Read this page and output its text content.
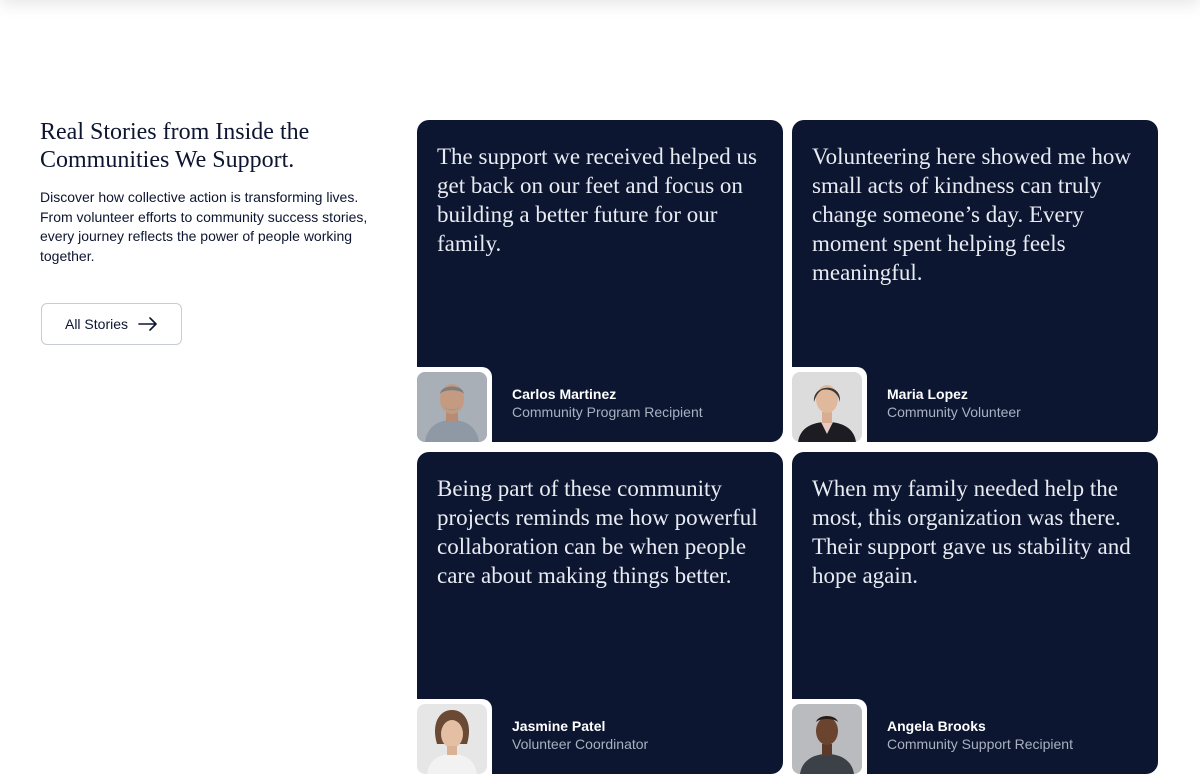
Real Stories from Inside the Communities We Support.

Discover how collective action is transforming lives. From volunteer efforts to community success stories, every journey reflects the power of people working together.

All Stories
The support we received helped us get back on our feet and focus on building a better future for our family.
Carlos Martinez
Community Program Recipient
Volunteering here showed me how small acts of kindness can truly change someone’s day. Every moment spent helping feels meaningful.
Maria Lopez
Community Volunteer
Being part of these community projects reminds me how powerful collaboration can be when people care about making things better.
Jasmine Patel
Volunteer Coordinator
When my family needed help the most, this organization was there. Their support gave us stability and hope again.
Angela Brooks
Community Support Recipient
